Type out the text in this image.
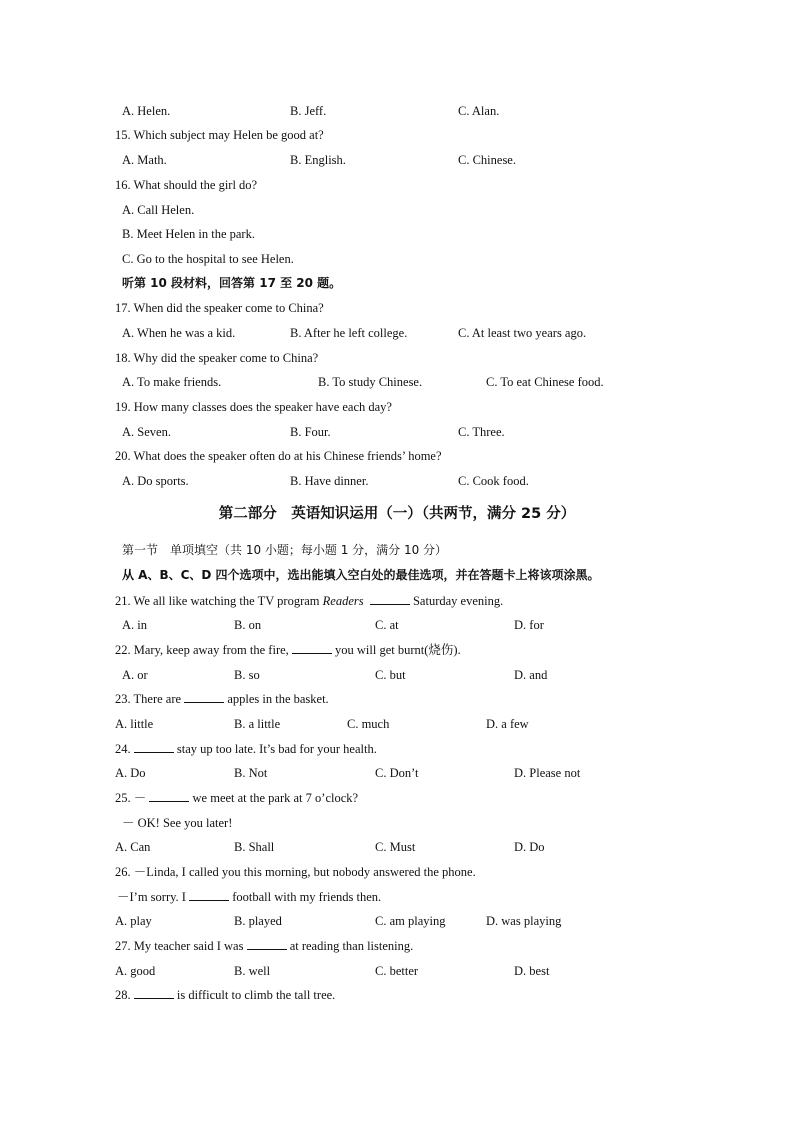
A. Helen.	B. Jeff.	C. Alan.
15. Which subject may Helen be good at?
A. Math.	B. English.	C. Chinese.
16. What should the girl do?
A. Call Helen.
B. Meet Helen in the park.
C. Go to the hospital to see Helen.
听第 10 段材料，回答第 17 至 20 题。
17. When did the speaker come to China?
A. When he was a kid.	B. After he left college.	C. At least two years ago.
18. Why did the speaker come to China?
A. To make friends.	B. To study Chinese.	C. To eat Chinese food.
19. How many classes does the speaker have each day?
A. Seven.	B. Four.	C. Three.
20. What does the speaker often do at his Chinese friends’ home?
A. Do sports.	B. Have dinner.	C. Cook food.
第二部分　英语知识运用（一）（共两节，满分 25 分）
第一节　单项填空（共 10 小题；每小题 1 分，满分 10 分）
从 A、B、C、D 四个选项中，选出能填入空白处的最佳选项，并在答题卡上将该项涂黑。
21. We all like watching the TV program Readers	Saturday evening.
A. in	B. on	C. at	D. for
22. Mary, keep away from the fire,	you will get burnt(烧伤).
A. or	B. so	C. but	D. and
23. There are	apples in the basket.
A. little	B. a little	C. much	D. a few
24.	stay up too late. It’s bad for your health.
A. Do	B. Not	C. Don’t	D. Please not
25. －	we meet at the park at 7 o’clock?
－ OK! See you later!
A. Can	B. Shall	C. Must	D. Do
26. －Linda, I called you this morning, but nobody answered the phone.
－I’m sorry. I	football with my friends then.
A. play	B. played	C. am playing	D. was playing
27. My teacher said I was	at reading than listening.
A. good	B. well	C. better	D. best
28.	is difficult to climb the tall tree.
